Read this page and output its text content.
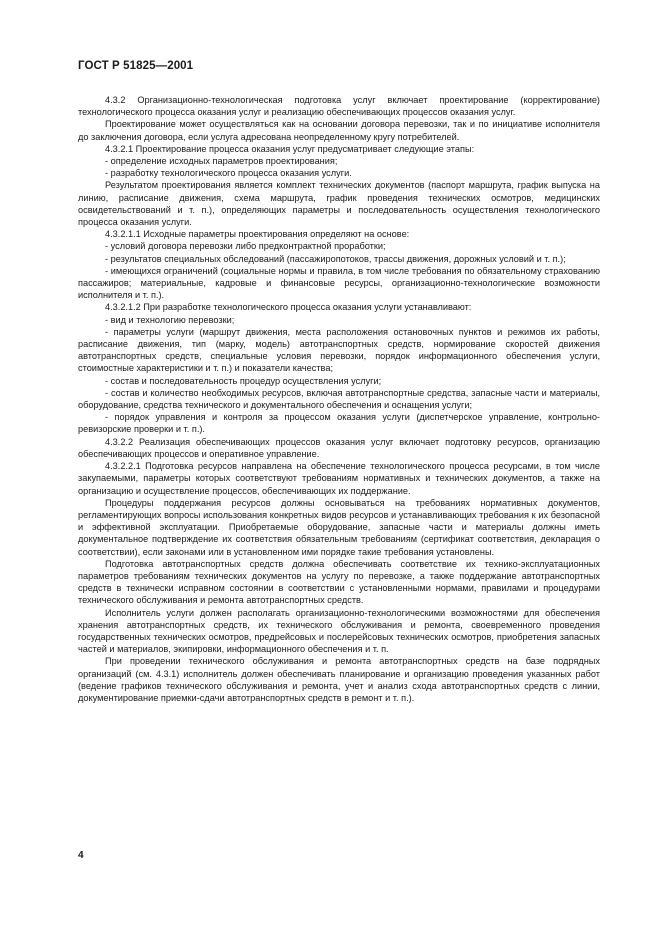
ГОСТ Р 51825—2001

4.3.2 Организационно-технологическая подготовка услуг включает проектирование (корректирование) технологического процесса оказания услуг и реализацию обеспечивающих процессов оказания услуг.

Проектирование может осуществляться как на основании договора перевозки, так и по инициативе исполнителя до заключения договора, если услуга адресована неопределенному кругу потребителей.

4.3.2.1 Проектирование процесса оказания услуг предусматривает следующие этапы:

- определение исходных параметров проектирования;

- разработку технологического процесса оказания услуги.

Результатом проектирования является комплект технических документов (паспорт маршрута, график выпуска на линию, расписание движения, схема маршрута, график проведения технических осмотров, медицинских освидетельствований и т. п.), определяющих параметры и последовательность осуществления технологического процесса оказания услуги.

4.3.2.1.1 Исходные параметры проектирования определяют на основе:

- условий договора перевозки либо предконтрактной проработки;

- результатов специальных обследований (пассажиропотоков, трассы движения, дорожных условий и т. п.);

- имеющихся ограничений (социальные нормы и правила, в том числе требования по обязательному страхованию пассажиров; материальные, кадровые и финансовые ресурсы, организационно-технологические возможности исполнителя и т. п.).

4.3.2.1.2 При разработке технологического процесса оказания услуги устанавливают:

- вид и технологию перевозки;

- параметры услуги (маршрут движения, места расположения остановочных пунктов и режимов их работы, расписание движения, тип (марку, модель) автотранспортных средств, нормирование скоростей движения автотранспортных средств, специальные условия перевозки, порядок информационного обеспечения услуги, стоимостные характеристики и т. п.) и показатели качества;

- состав и последовательность процедур осуществления услуги;

- состав и количество необходимых ресурсов, включая автотранспортные средства, запасные части и материалы, оборудование, средства технического и документального обеспечения и оснащения услуги;

- порядок управления и контроля за процессом оказания услуги (диспетчерское управление, контрольно-ревизорские проверки и т. п.).

4.3.2.2 Реализация обеспечивающих процессов оказания услуг включает подготовку ресурсов, организацию обеспечивающих процессов и оперативное управление.

4.3.2.2.1 Подготовка ресурсов направлена на обеспечение технологического процесса ресурсами, в том числе закупаемыми, параметры которых соответствуют требованиям нормативных и технических документов, а также на организацию и осуществление процессов, обеспечивающих их поддержание.

Процедуры поддержания ресурсов должны основываться на требованиях нормативных документов, регламентирующих вопросы использования конкретных видов ресурсов и устанавливающих требования к их безопасной и эффективной эксплуатации. Приобретаемые оборудование, запасные части и материалы должны иметь документальное подтверждение их соответствия обязательным требованиям (сертификат соответствия, декларация о соответствии), если законами или в установленном ими порядке такие требования установлены.

Подготовка автотранспортных средств должна обеспечивать соответствие их технико-эксплуатационных параметров требованиям технических документов на услугу по перевозке, а также поддержание автотранспортных средств в технически исправном состоянии в соответствии с установленными нормами, правилами и процедурами технического обслуживания и ремонта автотранспортных средств.

Исполнитель услуги должен располагать организационно-технологическими возможностями для обеспечения хранения автотранспортных средств, их технического обслуживания и ремонта, своевременного проведения государственных технических осмотров, предрейсовых и послерейсовых технических осмотров, приобретения запасных частей и материалов, экипировки, информационного обеспечения и т. п.

При проведении технического обслуживания и ремонта автотранспортных средств на базе подрядных организаций (см. 4.3.1) исполнитель должен обеспечивать планирование и организацию проведения указанных работ (ведение графиков технического обслуживания и ремонта, учет и анализ схода автотранспортных средств с линии, документирование приемки-сдачи автотранспортных средств в ремонт и т. п.).

4
